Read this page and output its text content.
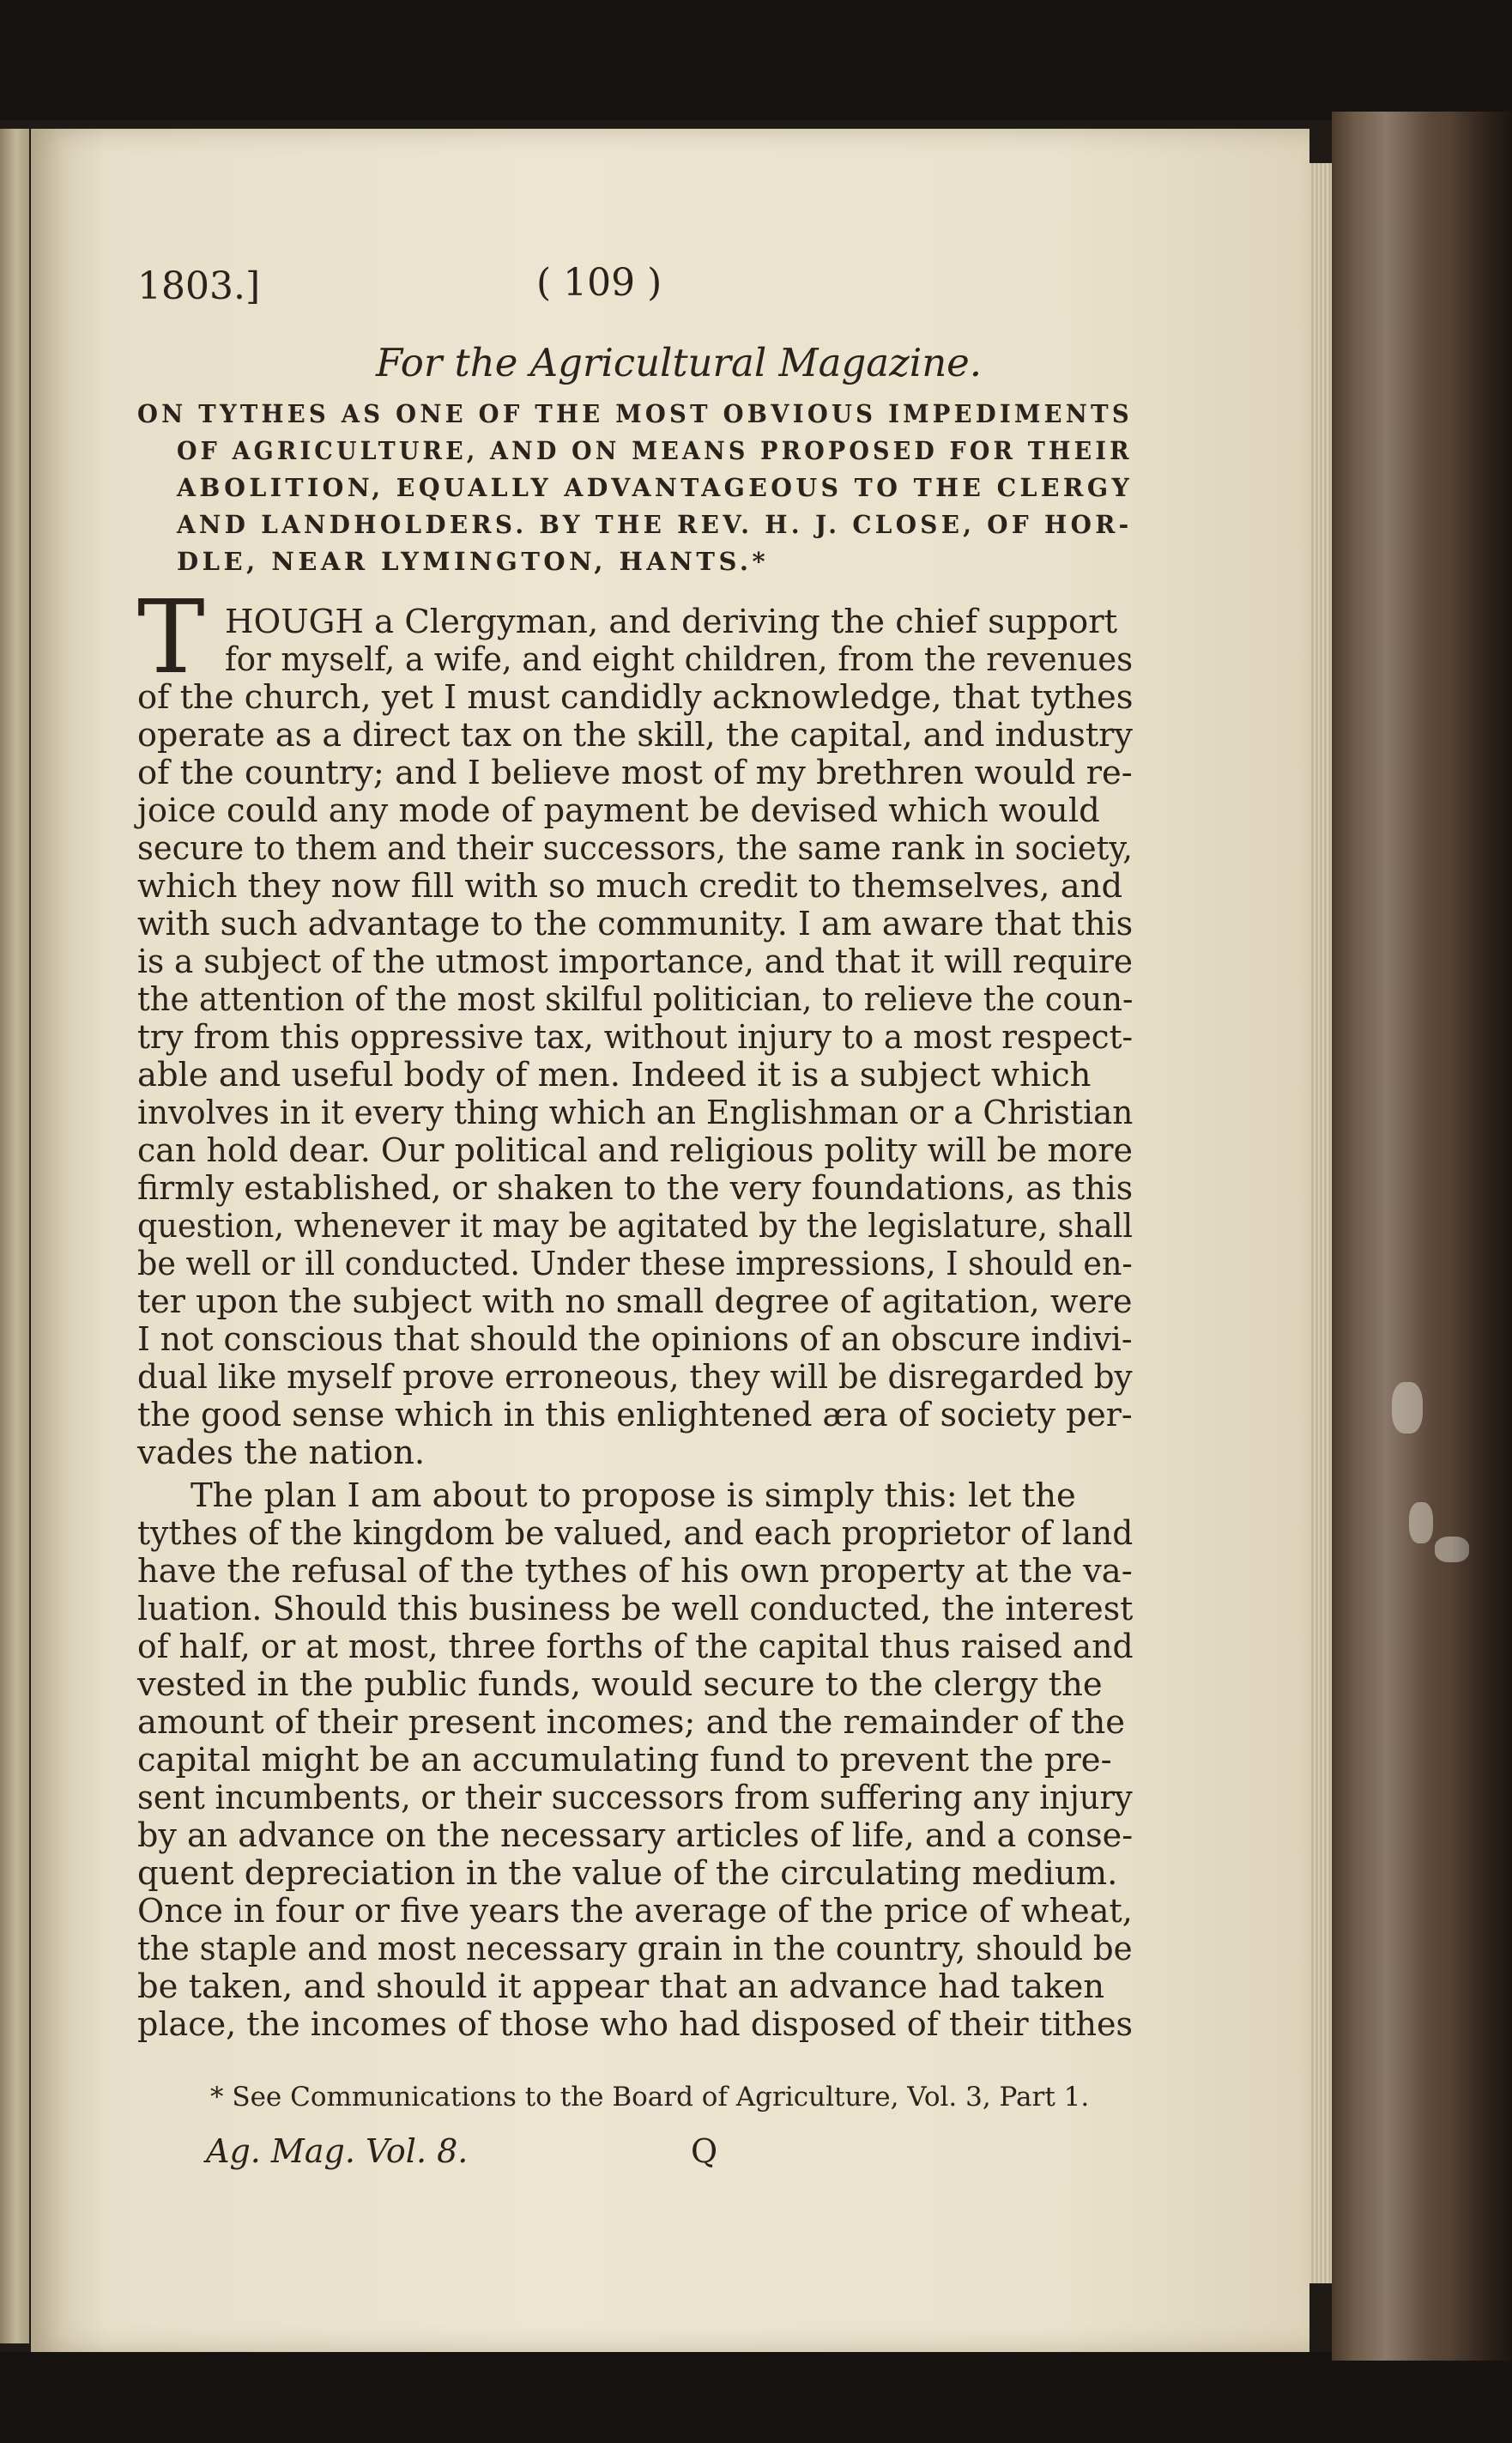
1803.]	( 109 )
For the Agricultural Magazine.
ON TYTHES AS ONE OF THE MOST OBVIOUS IMPEDIMENTS
OF AGRICULTURE, AND ON MEANS PROPOSED FOR THEIR
ABOLITION, EQUALLY ADVANTAGEOUS TO THE CLERGY
AND LANDHOLDERS. BY THE REV. H. J. CLOSE, OF HOR-
DLE, NEAR LYMINGTON, HANTS.*
T HOUGH a Clergyman, and deriving the chief support
for myself, a wife, and eight children, from the revenues
of the church, yet I must candidly acknowledge, that tythes
operate as a direct tax on the skill, the capital, and industry
of the country; and I believe most of my brethren would re-
joice could any mode of payment be devised which would
secure to them and their successors, the same rank in society,
which they now fill with so much credit to themselves, and
with such advantage to the community. I am aware that this
is a subject of the utmost importance, and that it will require
the attention of the most skilful politician, to relieve the coun-
try from this oppressive tax, without injury to a most respect-
able and useful body of men. Indeed it is a subject which
involves in it every thing which an Englishman or a Christian
can hold dear. Our political and religious polity will be more
firmly established, or shaken to the very foundations, as this
question, whenever it may be agitated by the legislature, shall
be well or ill conducted. Under these impressions, I should en-
ter upon the subject with no small degree of agitation, were
I not conscious that should the opinions of an obscure indivi-
dual like myself prove erroneous, they will be disregarded by
the good sense which in this enlightened æra of society per-
vades the nation.
The plan I am about to propose is simply this: let the
tythes of the kingdom be valued, and each proprietor of land
have the refusal of the tythes of his own property at the va-
luation. Should this business be well conducted, the interest
of half, or at most, three forths of the capital thus raised and
vested in the public funds, would secure to the clergy the
amount of their present incomes; and the remainder of the
capital might be an accumulating fund to prevent the pre-
sent incumbents, or their successors from suffering any injury
by an advance on the necessary articles of life, and a conse-
quent depreciation in the value of the circulating medium.
Once in four or five years the average of the price of wheat,
the staple and most necessary grain in the country, should be
be taken, and should it appear that an advance had taken
place, the incomes of those who had disposed of their tithes
* See Communications to the Board of Agriculture, Vol. 3, Part 1.
Ag. Mag. Vol. 8.	Q
